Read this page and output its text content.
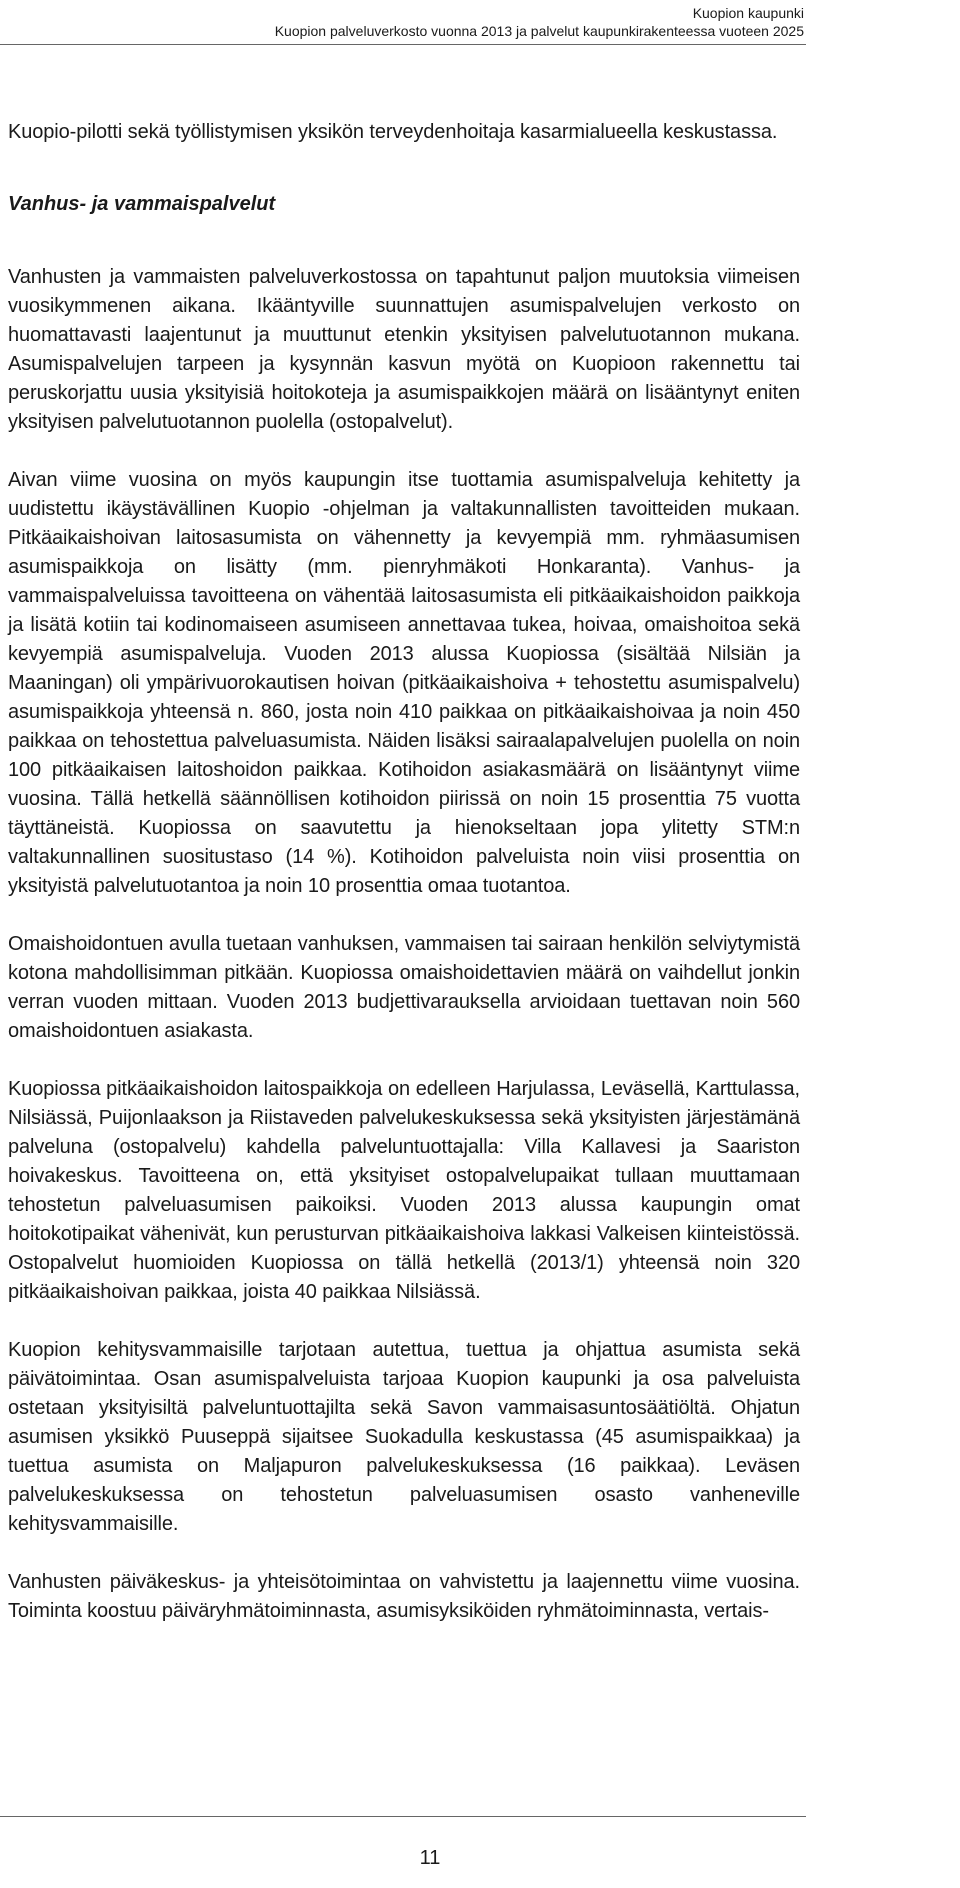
Kuopion kaupunki
Kuopion palveluverkosto vuonna 2013 ja palvelut kaupunkirakenteessa vuoteen 2025

Kuopio-pilotti sekä työllistymisen yksikön terveydenhoitaja kasarmialueella keskustassa.

Vanhus- ja vammaispalvelut

Vanhusten ja vammaisten palveluverkostossa on tapahtunut paljon muutoksia viimeisen vuosikymmenen aikana. Ikääntyville suunnattujen asumispalvelujen verkosto on huomattavasti laajentunut ja muuttunut etenkin yksityisen palvelutuotannon mukana. Asumispalvelujen tarpeen ja kysynnän kasvun myötä on Kuopioon rakennettu tai peruskorjattu uusia yksityisiä hoitokoteja ja asumispaikkojen määrä on lisääntynyt eniten yksityisen palvelutuotannon puolella (ostopalvelut).

Aivan viime vuosina on myös kaupungin itse tuottamia asumispalveluja kehitetty ja uudistettu ikäystävällinen Kuopio -ohjelman ja valtakunnallisten tavoitteiden mukaan. Pitkäaikaishoivan laitosasumista on vähennetty ja kevyempiä mm. ryhmäasumisen asumispaikkoja on lisätty (mm. pienryhmäkoti Honkaranta). Vanhus- ja vammaispalveluissa tavoitteena on vähentää laitosasumista eli pitkäaikaishoidon paikkoja ja lisätä kotiin tai kodinomaiseen asumiseen annettavaa tukea, hoivaa, omaishoitoa sekä kevyempiä asumispalveluja. Vuoden 2013 alussa Kuopiossa (sisältää Nilsiän ja Maaningan) oli ympärivuorokautisen hoivan (pitkäaikaishoiva + tehostettu asumispalvelu) asumispaikkoja yhteensä n. 860, josta noin 410 paikkaa on pitkäaikaishoivaa ja noin 450 paikkaa on tehostettua palveluasumista. Näiden lisäksi sairaalapalvelujen puolella on noin 100 pitkäaikaisen laitoshoidon paikkaa. Kotihoidon asiakasmäärä on lisääntynyt viime vuosina. Tällä hetkellä säännöllisen kotihoidon piirissä on noin 15 prosenttia 75 vuotta täyttäneistä. Kuopiossa on saavutettu ja hienokseltaan jopa ylitetty STM:n valtakunnallinen suositustaso (14 %). Kotihoidon palveluista noin viisi prosenttia on yksityistä palvelutuotantoa ja noin 10 prosenttia omaa tuotantoa.

Omaishoidontuen avulla tuetaan vanhuksen, vammaisen tai sairaan henkilön selviytymistä kotona mahdollisimman pitkään. Kuopiossa omaishoidettavien määrä on vaihdellut jonkin verran vuoden mittaan. Vuoden 2013 budjettivarauksella arvioidaan tuettavan noin 560 omaishoidontuen asiakasta.

Kuopiossa pitkäaikaishoidon laitospaikkoja on edelleen Harjulassa, Leväsellä, Karttulassa, Nilsiässä, Puijonlaakson ja Riistaveden palvelukeskuksessa sekä yksityisten järjestämänä palveluna (ostopalvelu) kahdella palveluntuottajalla: Villa Kallavesi ja Saariston hoivakeskus. Tavoitteena on, että yksityiset ostopalvelupaikat tullaan muuttamaan tehostetun palveluasumisen paikoiksi. Vuoden 2013 alussa kaupungin omat hoitokotipaikat vähenivät, kun perusturvan pitkäaikaishoiva lakkasi Valkeisen kiinteistössä. Ostopalvelut huomioiden Kuopiossa on tällä hetkellä (2013/1) yhteensä noin 320 pitkäaikaishoivan paikkaa, joista 40 paikkaa Nilsiässä.

Kuopion kehitysvammaisille tarjotaan autettua, tuettua ja ohjattua asumista sekä päivätoimintaa. Osan asumispalveluista tarjoaa Kuopion kaupunki ja osa palveluista ostetaan yksityisiltä palveluntuottajilta sekä Savon vammaisasuntosäätiöltä. Ohjatun asumisen yksikkö Puuseppä sijaitsee Suokadulla keskustassa (45 asumispaikkaa) ja tuettua asumista on Maljapuron palvelukeskuksessa (16 paikkaa). Leväsen palvelukeskuksessa on tehostetun palveluasumisen osasto vanheneville kehitysvammaisille.

Vanhusten päiväkeskus- ja yhteisötoimintaa on vahvistettu ja laajennettu viime vuosina. Toiminta koostuu päiväryhmätoiminnasta, asumisyksiköiden ryhmätoiminnasta, vertais-

11
